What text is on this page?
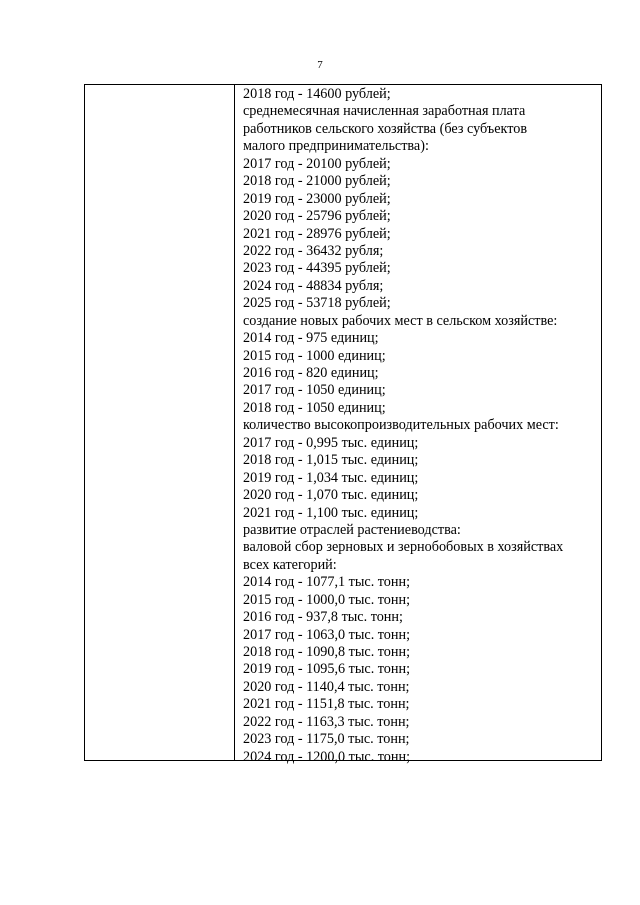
7
2018 год - 14600 рублей;
среднемесячная начисленная заработная плата
работников сельского хозяйства (без субъектов
малого предпринимательства):
2017 год - 20100 рублей;
2018 год - 21000 рублей;
2019 год - 23000 рублей;
2020 год - 25796 рублей;
2021 год - 28976 рублей;
2022 год - 36432 рубля;
2023 год - 44395 рублей;
2024 год - 48834 рубля;
2025 год - 53718 рублей;
создание новых рабочих мест в сельском хозяйстве:
2014 год - 975 единиц;
2015 год - 1000 единиц;
2016 год - 820 единиц;
2017 год - 1050 единиц;
2018 год - 1050 единиц;
количество высокопроизводительных рабочих мест:
2017 год - 0,995 тыс. единиц;
2018 год - 1,015 тыс. единиц;
2019 год - 1,034 тыс. единиц;
2020 год - 1,070 тыс. единиц;
2021 год - 1,100 тыс. единиц;
развитие отраслей растениеводства:
валовой сбор зерновых и зернобобовых в хозяйствах
всех категорий:
2014 год - 1077,1 тыс. тонн;
2015 год - 1000,0 тыс. тонн;
2016 год - 937,8 тыс. тонн;
2017 год - 1063,0 тыс. тонн;
2018 год - 1090,8 тыс. тонн;
2019 год - 1095,6 тыс. тонн;
2020 год - 1140,4 тыс. тонн;
2021 год - 1151,8 тыс. тонн;
2022 год - 1163,3 тыс. тонн;
2023 год - 1175,0 тыс. тонн;
2024 год - 1200,0 тыс. тонн;
